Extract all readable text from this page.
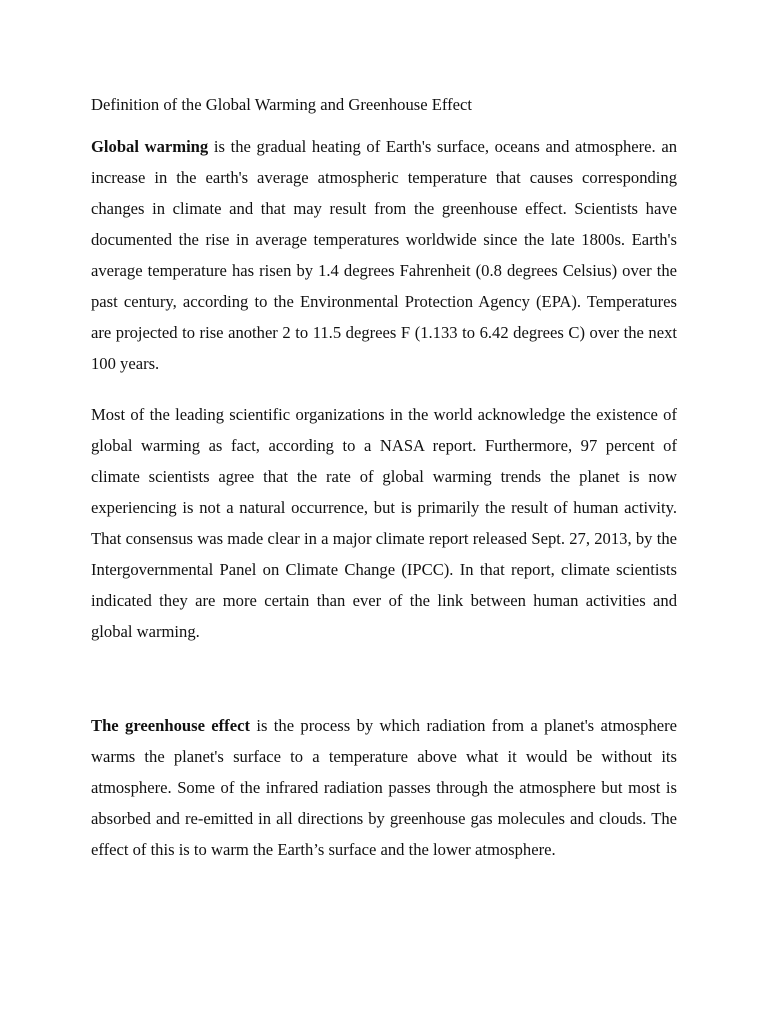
Definition of the Global Warming and Greenhouse Effect

Global warming is the gradual heating of Earth's surface, oceans and atmosphere. an increase in the earth's average atmospheric temperature that causes corresponding changes in climate and that may result from the greenhouse effect. Scientists have documented the rise in average temperatures worldwide since the late 1800s. Earth's average temperature has risen by 1.4 degrees Fahrenheit (0.8 degrees Celsius) over the past century, according to the Environmental Protection Agency (EPA). Temperatures are projected to rise another 2 to 11.5 degrees F (1.133 to 6.42 degrees C) over the next 100 years.

Most of the leading scientific organizations in the world acknowledge the existence of global warming as fact, according to a NASA report. Furthermore, 97 percent of climate scientists agree that the rate of global warming trends the planet is now experiencing is not a natural occurrence, but is primarily the result of human activity. That consensus was made clear in a major climate report released Sept. 27, 2013, by the Intergovernmental Panel on Climate Change (IPCC). In that report, climate scientists indicated they are more certain than ever of the link between human activities and global warming.

The greenhouse effect is the process by which radiation from a planet's atmosphere warms the planet's surface to a temperature above what it would be without its atmosphere. Some of the infrared radiation passes through the atmosphere but most is absorbed and re-emitted in all directions by greenhouse gas molecules and clouds. The effect of this is to warm the Earth’s surface and the lower atmosphere.
